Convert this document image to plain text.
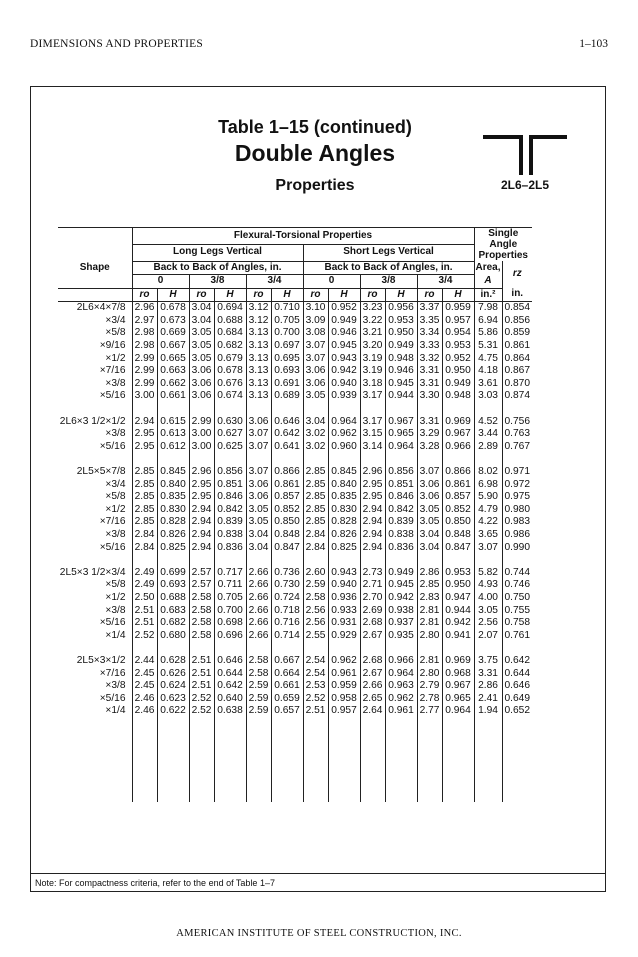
DIMENSIONS AND PROPERTIES	1–103
Table 1–15 (continued)
Double Angles
Properties	2L6–2L5
	Flexural-Torsional Properties												Single Angle Properties	
	Long Legs Vertical						Short Legs Vertical							
Shape	Back to Back of Angles, in.						Back to Back of Angles, in.						Area,	rz
	0		3/8		3/4		0		3/8		3/4		A	
	ro	H	ro	H	ro	H	ro	H	ro	H	ro	H	in.²	in.
2L6×4×7/8	2.96	0.678	3.04	0.694	3.12	0.710	3.10	0.952	3.23	0.956	3.37	0.959	7.98	0.854
×3/4	2.97	0.673	3.04	0.688	3.12	0.705	3.09	0.949	3.22	0.953	3.35	0.957	6.94	0.856
×5/8	2.98	0.669	3.05	0.684	3.13	0.700	3.08	0.946	3.21	0.950	3.34	0.954	5.86	0.859
×9/16	2.98	0.667	3.05	0.682	3.13	0.697	3.07	0.945	3.20	0.949	3.33	0.953	5.31	0.861
×1/2	2.99	0.665	3.05	0.679	3.13	0.695	3.07	0.943	3.19	0.948	3.32	0.952	4.75	0.864
×7/16	2.99	0.663	3.06	0.678	3.13	0.693	3.06	0.942	3.19	0.946	3.31	0.950	4.18	0.867
×3/8	2.99	0.662	3.06	0.676	3.13	0.691	3.06	0.940	3.18	0.945	3.31	0.949	3.61	0.870
×5/16	3.00	0.661	3.06	0.674	3.13	0.689	3.05	0.939	3.17	0.944	3.30	0.948	3.03	0.874

2L6×3 1/2×1/2	2.94	0.615	2.99	0.630	3.06	0.646	3.04	0.964	3.17	0.967	3.31	0.969	4.52	0.756
×3/8	2.95	0.613	3.00	0.627	3.07	0.642	3.02	0.962	3.15	0.965	3.29	0.967	3.44	0.763
×5/16	2.95	0.612	3.00	0.625	3.07	0.641	3.02	0.960	3.14	0.964	3.28	0.966	2.89	0.767

2L5×5×7/8	2.85	0.845	2.96	0.856	3.07	0.866	2.85	0.845	2.96	0.856	3.07	0.866	8.02	0.971
×3/4	2.85	0.840	2.95	0.851	3.06	0.861	2.85	0.840	2.95	0.851	3.06	0.861	6.98	0.972
×5/8	2.85	0.835	2.95	0.846	3.06	0.857	2.85	0.835	2.95	0.846	3.06	0.857	5.90	0.975
×1/2	2.85	0.830	2.94	0.842	3.05	0.852	2.85	0.830	2.94	0.842	3.05	0.852	4.79	0.980
×7/16	2.85	0.828	2.94	0.839	3.05	0.850	2.85	0.828	2.94	0.839	3.05	0.850	4.22	0.983
×3/8	2.84	0.826	2.94	0.838	3.04	0.848	2.84	0.826	2.94	0.838	3.04	0.848	3.65	0.986
×5/16	2.84	0.825	2.94	0.836	3.04	0.847	2.84	0.825	2.94	0.836	3.04	0.847	3.07	0.990

2L5×3 1/2×3/4	2.49	0.699	2.57	0.717	2.66	0.736	2.60	0.943	2.73	0.949	2.86	0.953	5.82	0.744
×5/8	2.49	0.693	2.57	0.711	2.66	0.730	2.59	0.940	2.71	0.945	2.85	0.950	4.93	0.746
×1/2	2.50	0.688	2.58	0.705	2.66	0.724	2.58	0.936	2.70	0.942	2.83	0.947	4.00	0.750
×3/8	2.51	0.683	2.58	0.700	2.66	0.718	2.56	0.933	2.69	0.938	2.81	0.944	3.05	0.755
×5/16	2.51	0.682	2.58	0.698	2.66	0.716	2.56	0.931	2.68	0.937	2.81	0.942	2.56	0.758
×1/4	2.52	0.680	2.58	0.696	2.66	0.714	2.55	0.929	2.67	0.935	2.80	0.941	2.07	0.761

2L5×3×1/2	2.44	0.628	2.51	0.646	2.58	0.667	2.54	0.962	2.68	0.966	2.81	0.969	3.75	0.642
×7/16	2.45	0.626	2.51	0.644	2.58	0.664	2.54	0.961	2.67	0.964	2.80	0.968	3.31	0.644
×3/8	2.45	0.624	2.51	0.642	2.59	0.661	2.53	0.959	2.66	0.963	2.79	0.967	2.86	0.646
×5/16	2.46	0.623	2.52	0.640	2.59	0.659	2.52	0.958	2.65	0.962	2.78	0.965	2.41	0.649
×1/4	2.46	0.622	2.52	0.638	2.59	0.657	2.51	0.957	2.64	0.961	2.77	0.964	1.94	0.652

Note: For compactness criteria, refer to the end of Table 1–7
AMERICAN INSTITUTE OF STEEL CONSTRUCTION, INC.
